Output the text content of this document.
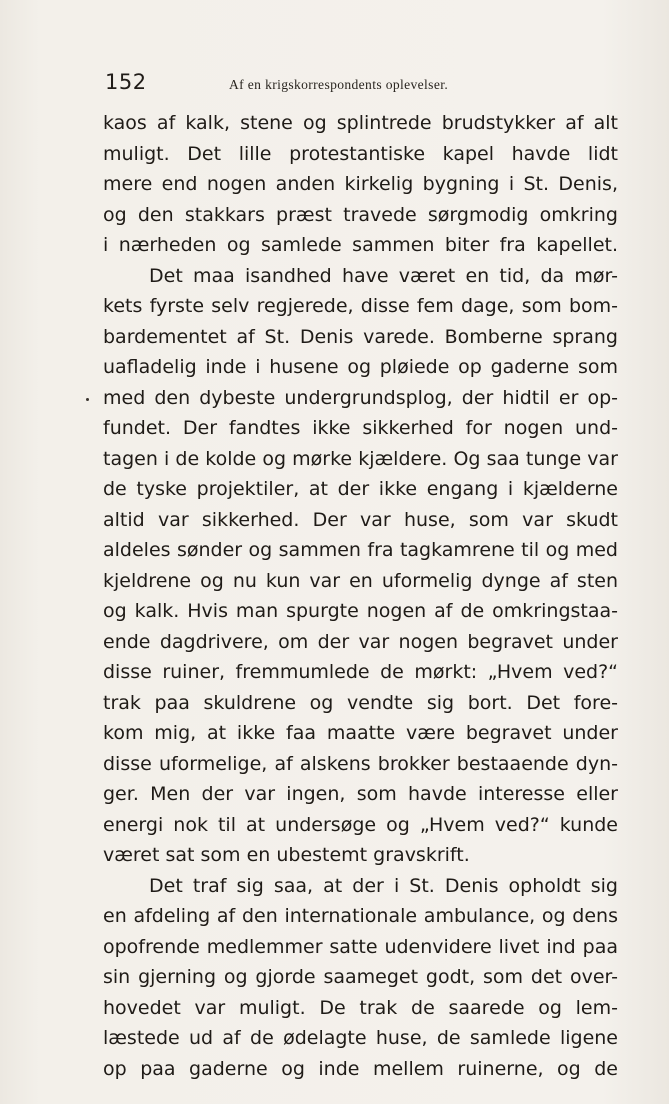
152	Af en krigskorrespondents oplevelser.
kaos af kalk, stene og splintrede brudstykker af alt
muligt. Det lille protestantiske kapel havde lidt
mere end nogen anden kirkelig bygning i St. Denis,
og den stakkars præst travede sørgmodig omkring
i nærheden og samlede sammen biter fra kapellet.
Det maa isandhed have været en tid, da mør-
kets fyrste selv regjerede, disse fem dage, som bom-
bardementet af St. Denis varede. Bomberne sprang
uafladelig inde i husene og pløiede op gaderne som
med den dybeste undergrundsplog, der hidtil er op-
fundet. Der fandtes ikke sikkerhed for nogen und-
tagen i de kolde og mørke kjældere. Og saa tunge var
de tyske projektiler, at der ikke engang i kjælderne
altid var sikkerhed. Der var huse, som var skudt
aldeles sønder og sammen fra tagkamrene til og med
kjeldrene og nu kun var en uformelig dynge af sten
og kalk. Hvis man spurgte nogen af de omkringstaa-
ende dagdrivere, om der var nogen begravet under
disse ruiner, fremmumlede de mørkt: „Hvem ved?“
trak paa skuldrene og vendte sig bort. Det fore-
kom mig, at ikke faa maatte være begravet under
disse uformelige, af alskens brokker bestaaende dyn-
ger. Men der var ingen, som havde interesse eller
energi nok til at undersøge og „Hvem ved?“ kunde
været sat som en ubestemt gravskrift.
Det traf sig saa, at der i St. Denis opholdt sig
en afdeling af den internationale ambulance, og dens
opofrende medlemmer satte udenvidere livet ind paa
sin gjerning og gjorde saameget godt, som det over-
hovedet var muligt. De trak de saarede og lem-
læstede ud af de ødelagte huse, de samlede ligene
op paa gaderne og inde mellem ruinerne, og de
